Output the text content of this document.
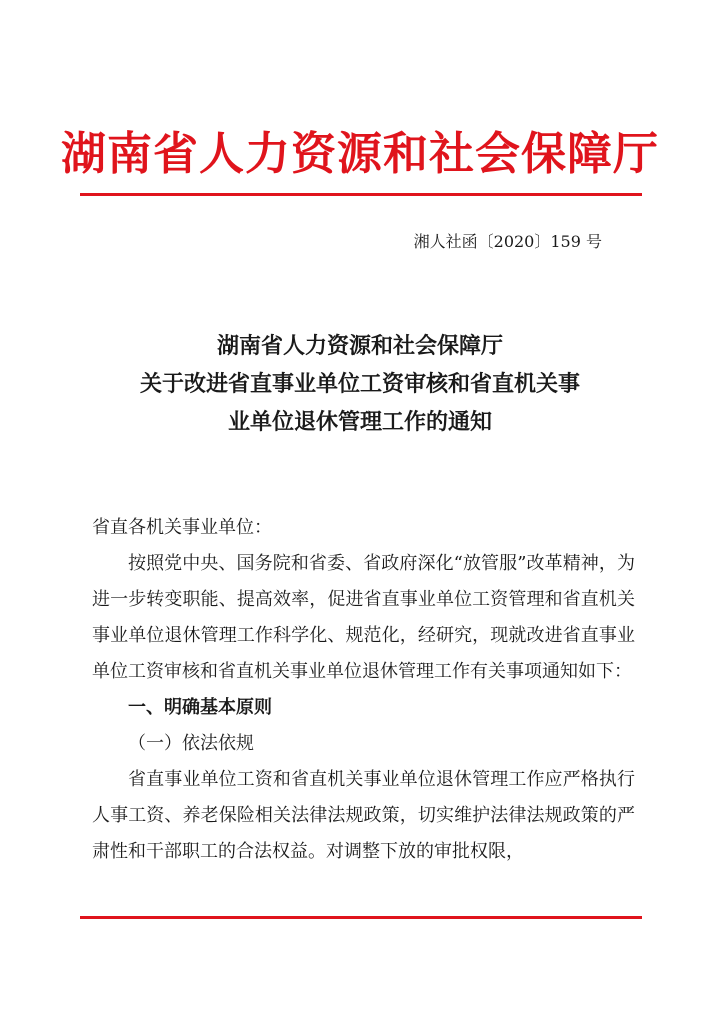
湖南省人力资源和社会保障厅
湘人社函〔2020〕159 号
湖南省人力资源和社会保障厅
关于改进省直事业单位工资审核和省直机关事
业单位退休管理工作的通知

省直各机关事业单位：

按照党中央、国务院和省委、省政府深化“放管服”改革精神，为进一步转变职能、提高效率，促进省直事业单位工资管理和省直机关事业单位退休管理工作科学化、规范化，经研究，现就改进省直事业单位工资审核和省直机关事业单位退休管理工作有关事项通知如下：

一、明确基本原则

（一）依法依规

省直事业单位工资和省直机关事业单位退休管理工作应严格执行人事工资、养老保险相关法律法规政策，切实维护法律法规政策的严肃性和干部职工的合法权益。对调整下放的审批权限，
